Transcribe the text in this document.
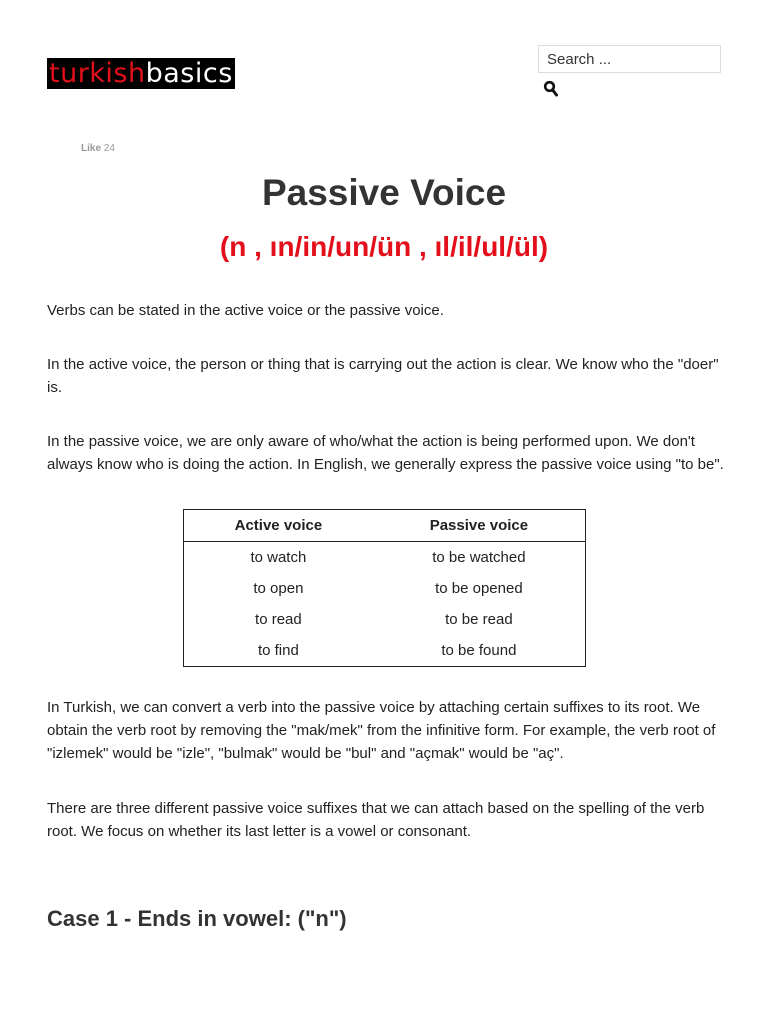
turkish basics
Search ...
Like 24
Passive Voice
(n , ın/in/un/ün , ıl/il/ul/ül)

Verbs can be stated in the active voice or the passive voice.

In the active voice, the person or thing that is carrying out the action is clear. We know who the "doer" is.

In the passive voice, we are only aware of who/what the action is being performed upon. We don't always know who is doing the action. In English, we generally express the passive voice using "to be".

Active voice	Passive voice
to watch	to be watched
to open	to be opened
to read	to be read
to find	to be found

In Turkish, we can convert a verb into the passive voice by attaching certain suffixes to its root. We obtain the verb root by removing the "mak/mek" from the infinitive form. For example, the verb root of "izlemek" would be "izle", "bulmak" would be "bul" and "açmak" would be "aç".

There are three different passive voice suffixes that we can attach based on the spelling of the verb root. We focus on whether its last letter is a vowel or consonant.

Case 1 - Ends in vowel: ("n")
